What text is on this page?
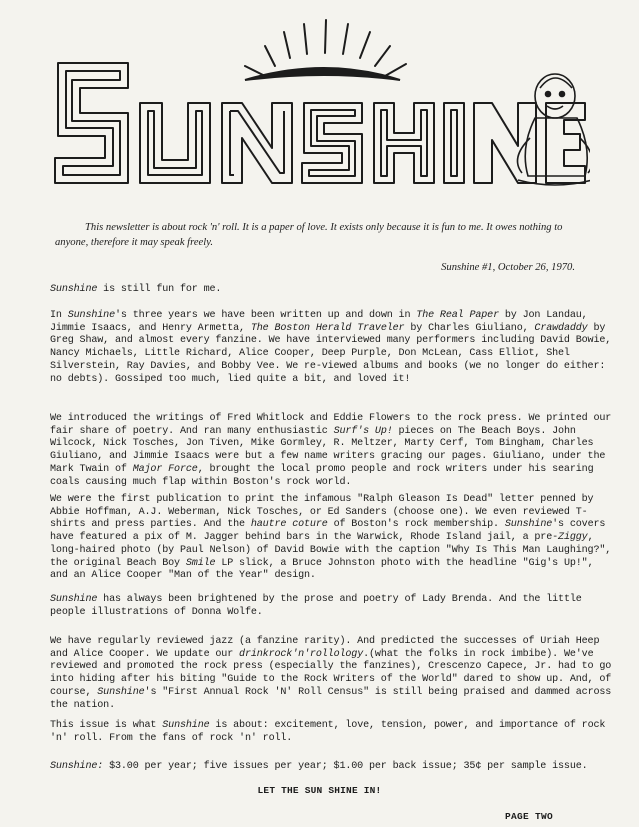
This newsletter is about rock 'n' roll. It is a paper of love. It exists only because it is fun to me. It owes nothing to anyone, therefore it may speak freely.

Sunshine #1, October 26, 1970.

Sunshine is still fun for me.

In Sunshine's three years we have been written up and down in The Real Paper by Jon Landau, Jimmie Isaacs, and Henry Armetta, The Boston Herald Traveler by Charles Giuliano, Crawdaddy by Greg Shaw, and almost every fanzine. We have interviewed many performers including David Bowie, Nancy Michaels, Little Richard, Alice Cooper, Deep Purple, Don McLean, Cass Elliot, Shel Silverstein, Ray Davies, and Bobby Vee. We re-viewed albums and books (we no longer do either: no debts). Gossiped too much, lied quite a bit, and loved it!

We introduced the writings of Fred Whitlock and Eddie Flowers to the rock press. We printed our fair share of poetry. And ran many enthusiastic Surf's Up! pieces on The Beach Boys. John Wilcock, Nick Tosches, Jon Tiven, Mike Gormley, R. Meltzer, Marty Cerf, Tom Bingham, Charles Giuliano, and Jimmie Isaacs were but a few name writers gracing our pages. Giuliano, under the Mark Twain of Major Force, brought the local promo people and rock writers under his searing coals causing much flap within Boston's rock world.

We were the first publication to print the infamous "Ralph Gleason Is Dead" letter penned by Abbie Hoffman, A.J. Weberman, Nick Tosches, or Ed Sanders (choose one). We even reviewed T-shirts and press parties. And the hautre coture of Boston's rock membership. Sunshine's covers have featured a pix of M. Jagger behind bars in the Warwick, Rhode Island jail, a pre-Ziggy, long-haired photo (by Paul Nelson) of David Bowie with the caption "Why Is This Man Laughing?", the original Beach Boy Smile LP slick, a Bruce Johnston photo with the headline "Gig's Up!", and an Alice Cooper "Man of the Year" design.

Sunshine has always been brightened by the prose and poetry of Lady Brenda. And the little people illustrations of Donna Wolfe.

We have regularly reviewed jazz (a fanzine rarity). And predicted the successes of Uriah Heep and Alice Cooper. We update our drinkrock'n'rollology.(what the folks in rock imbibe). We've reviewed and promoted the rock press (especially the fanzines), Crescenzo Capece, Jr. had to go into hiding after his biting "Guide to the Rock Writers of the World" dared to show up. And, of course, Sunshine's "First Annual Rock 'N' Roll Census" is still being praised and dammed across the nation.

This issue is what Sunshine is about: excitement, love, tension, power, and importance of rock 'n' roll. From the fans of rock 'n' roll.

Sunshine: $3.00 per year; five issues per year; $1.00 per back issue; 35¢ per sample issue.

LET THE SUN SHINE IN!

PAGE TWO
